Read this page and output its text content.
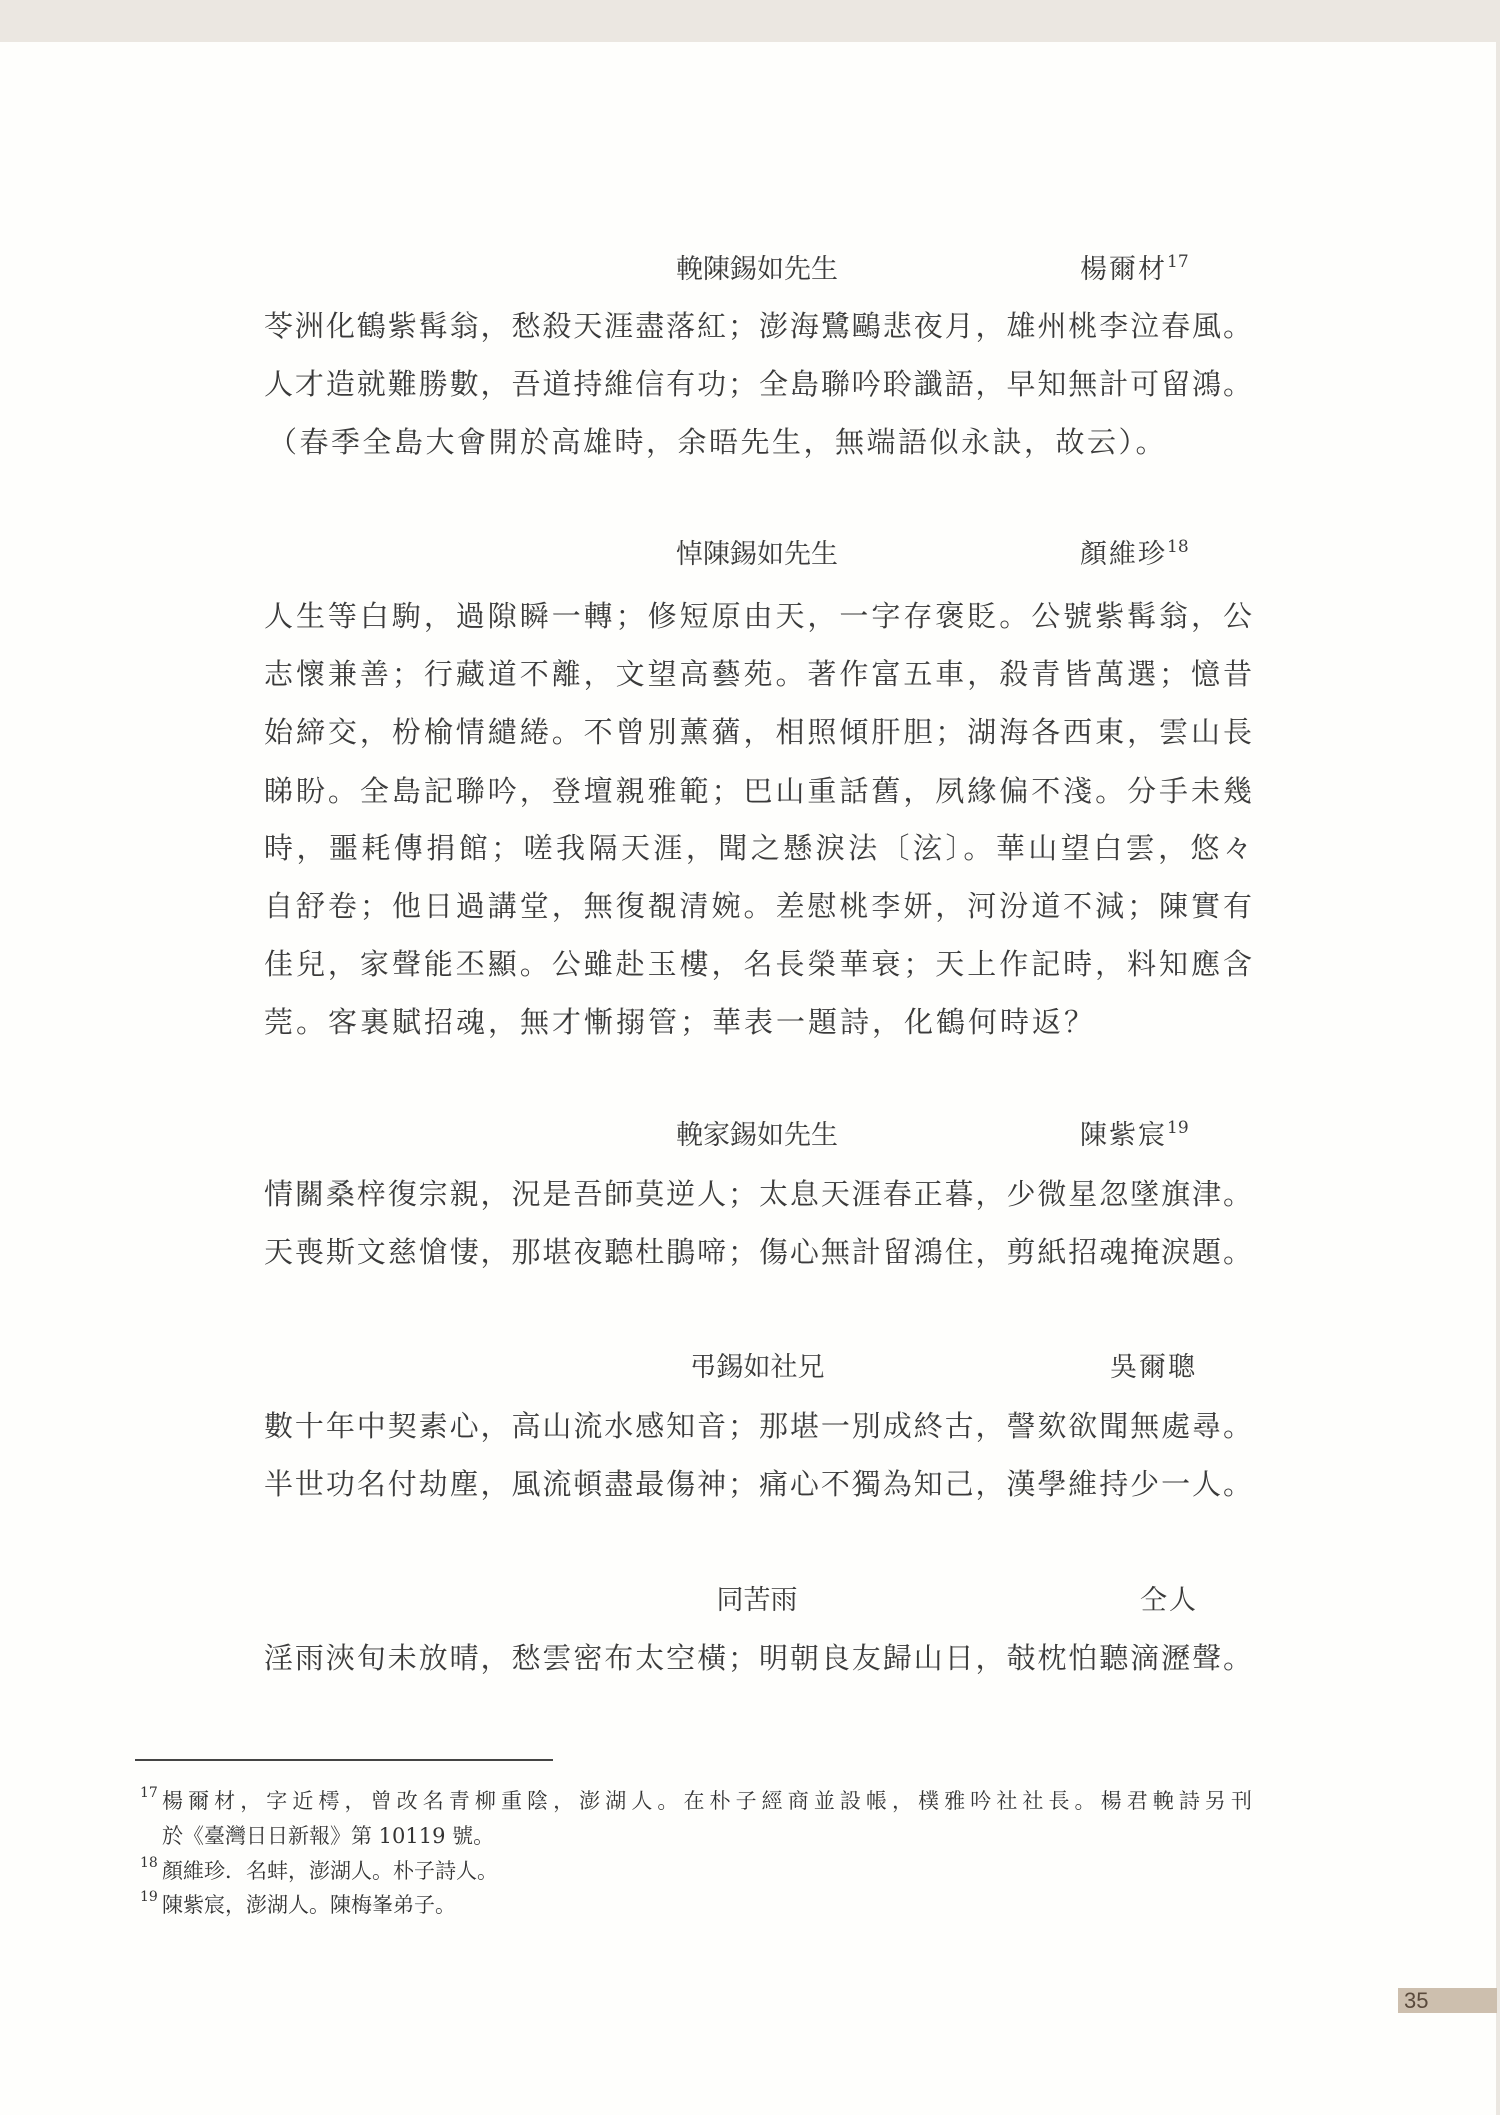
輓陳錫如先生	楊爾材$^{17}$
苓洲化鶴紫髯翁，愁殺天涯盡落紅；澎海鷺鷗悲夜月，雄州桃李泣春風。
人才造就難勝數，吾道持維信有功；全島聯吟聆讖語，早知無計可留鴻。
（春季全島大會開於高雄時，余晤先生，無端語似永訣，故云）。
悼陳錫如先生	顏維珍$^{18}$
人生等白駒，過隙瞬一轉；修短原由天，一字存褒貶。公號紫髯翁，公
志懷兼善；行藏道不離，文望高藝苑。著作富五車，殺青皆萬選；憶昔
始締交，枌榆情繾綣。不曾別薰蕕，相照傾肝胆；湖海各西東，雲山長
睇盼。全島記聯吟，登壇親雅範；巴山重話舊，夙緣偏不淺。分手未幾
時，噩耗傳捐館；嗟我隔天涯，聞之懸淚法〔泫〕。華山望白雲，悠々
自舒卷；他日過講堂，無復覩清婉。差慰桃李妍，河汾道不減；陳實有
佳兒，家聲能丕顯。公雖赴玉樓，名長榮華衰；天上作記時，料知應含
莞。客裏賦招魂，無才慚搦管；華表一題詩，化鶴何時返？
輓家錫如先生	陳紫宸$^{19}$
情關桑梓復宗親，況是吾師莫逆人；太息天涯春正暮，少微星忽墜旗津。
天喪斯文慈愴悽，那堪夜聽杜鵑啼；傷心無計留鴻住，剪紙招魂掩淚題。
弔錫如社兄	吳爾聰
數十年中契素心，高山流水感知音；那堪一別成終古，謦欬欲聞無處尋。
半世功名付劫塵，風流頓盡最傷神；痛心不獨為知己，漢學維持少一人。
同苦雨	仝人
淫雨浹旬未放晴，愁雲密布太空橫；明朝良友歸山日，攲枕怕聽滴瀝聲。
17 楊爾材，字近樗，曾改名青柳重陰，澎湖人。在朴子經商並設帳，樸雅吟社社長。楊君輓詩另刊
於《臺灣日日新報》第 10119 號。
18 顏維珍．名蚌，澎湖人。朴子詩人。
19 陳紫宸，澎湖人。陳梅峯弟子。
35
